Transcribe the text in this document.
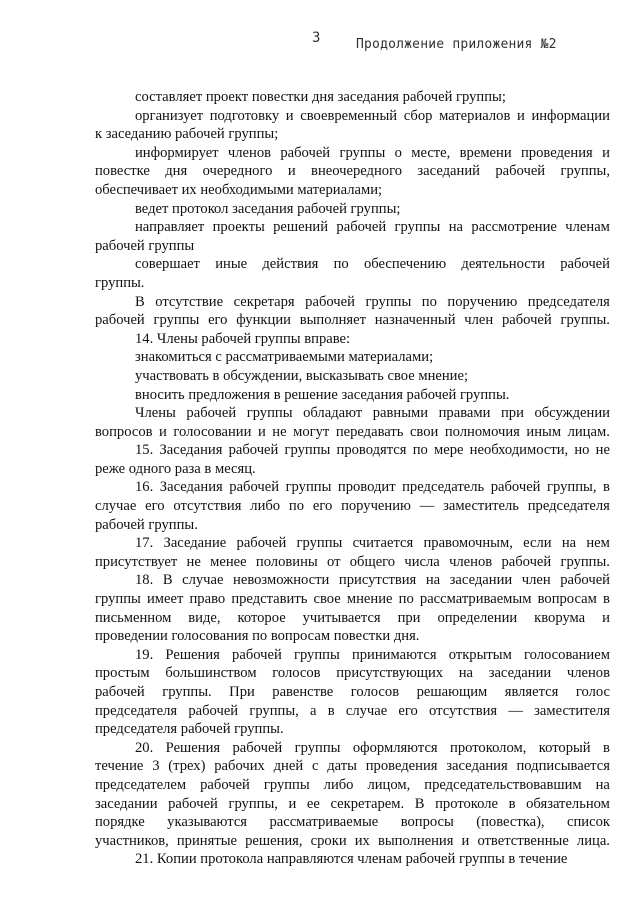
3	Продолжение приложения №2
составляет проект повестки дня заседания рабочей группы;
организует подготовку и своевременный сбор материалов и информации
к заседанию рабочей группы;
информирует членов рабочей группы о месте, времени проведения и
повестке дня очередного и внеочередного заседаний рабочей группы,
обеспечивает их необходимыми материалами;
ведет протокол заседания рабочей группы;
направляет проекты решений рабочей группы на рассмотрение членам
рабочей группы
совершает иные действия по обеспечению деятельности рабочей
группы.
В отсутствие секретаря рабочей группы по поручению председателя
рабочей группы его функции выполняет назначенный член рабочей группы.
14. Члены рабочей группы вправе:
знакомиться с рассматриваемыми материалами;
участвовать в обсуждении, высказывать свое мнение;
вносить предложения в решение заседания рабочей группы.
Члены рабочей группы обладают равными правами при обсуждении
вопросов и голосовании и не могут передавать свои полномочия иным лицам.
15. Заседания рабочей группы проводятся по мере необходимости, но не
реже одного раза в месяц.
16. Заседания рабочей группы проводит председатель рабочей группы, в
случае его отсутствия либо по его поручению — заместитель председателя
рабочей группы.
17. Заседание рабочей группы считается правомочным, если на нем
присутствует не менее половины от общего числа членов рабочей группы.
18. В случае невозможности присутствия на заседании член рабочей
группы имеет право представить свое мнение по рассматриваемым вопросам в
письменном виде, которое учитывается при определении кворума и
проведении голосования по вопросам повестки дня.
19. Решения рабочей группы принимаются открытым голосованием
простым большинством голосов присутствующих на заседании членов
рабочей группы. При равенстве голосов решающим является голос
председателя рабочей группы, а в случае его отсутствия — заместителя
председателя рабочей группы.
20. Решения рабочей группы оформляются протоколом, который в
течение 3 (трех) рабочих дней с даты проведения заседания подписывается
председателем рабочей группы либо лицом, председательствовавшим на
заседании рабочей группы, и ее секретарем. В протоколе в обязательном
порядке указываются рассматриваемые вопросы (повестка), список
участников, принятые решения, сроки их выполнения и ответственные лица.
21. Копии протокола направляются членам рабочей группы в течение
